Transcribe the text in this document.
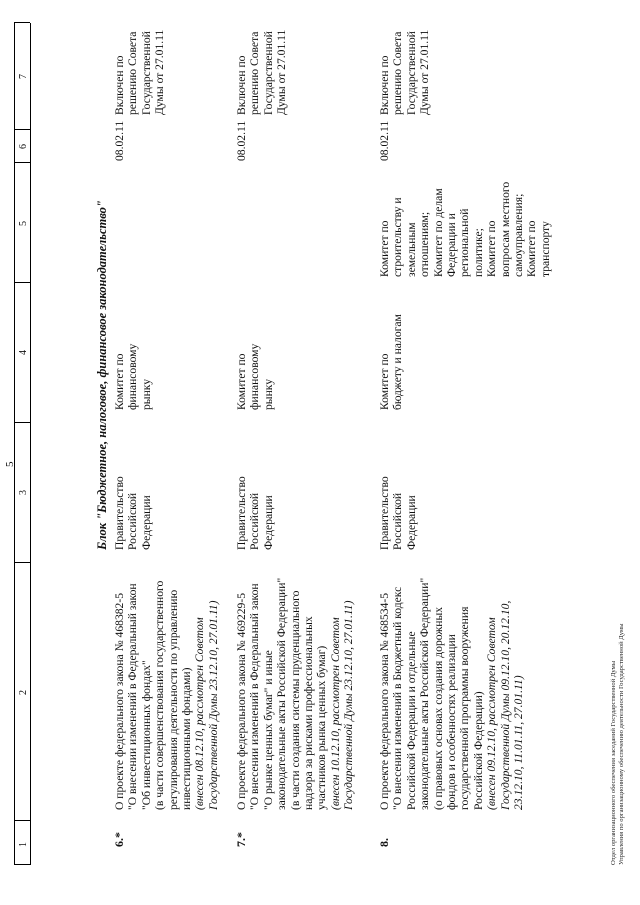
5
1
2
3
4
5
6
7
Блок "Бюджетное, налоговое, финансовое законодательство"
6.*
О проекте федерального закона № 468382-5 "О внесении изменений в Федеральный закон "Об инвестиционных фондах" (в части совершенствования государственного регулирования деятельности по управлению инвестиционными фондами) (внесен 08.12.10, рассмотрен Советом Государственной Думы 23.12.10, 27.01.11)
Правительство Российской Федерации
Комитет по финансовому рынку
08.02.11
Включен по решению Совета Государственной Думы от 27.01.11
7.*
О проекте федерального закона № 469229-5 "О внесении изменений в Федеральный закон "О рынке ценных бумаг" и иные законодательные акты Российской Федерации" (в части создания системы пруденциального надзора за рисками профессиональных участников рынка ценных бумаг) (внесен 10.12.10, рассмотрен Советом Государственной Думы 23.12.10, 27.01.11)
Правительство Российской Федерации
Комитет по финансовому рынку
08.02.11
Включен по решению Совета Государственной Думы от 27.01.11
8.
О проекте федерального закона № 468534-5 "О внесении изменений в Бюджетный кодекс Российской Федерации и отдельные законодательные акты Российской Федерации" (о правовых основах создания дорожных фондов и особенностях реализации государственной программы вооружения Российской Федерации) (внесен 09.12.10, рассмотрен Советом Государственной Думы 09.12.10, 20.12.10, 23.12.10, 11.01.11, 27.01.11)
Правительство Российской Федерации
Комитет по бюджету и налогам
Комитет по строительству и земельным отношениям; Комитет по делам Федерации и региональной политике; Комитет по вопросам местного самоуправления; Комитет по транспорту
08.02.11
Включен по решению Совета Государственной Думы от 27.01.11
Отдел организационного обеспечения заседаний Государственной Думы Управления по организационному обеспечению деятельности Государственной Думы
